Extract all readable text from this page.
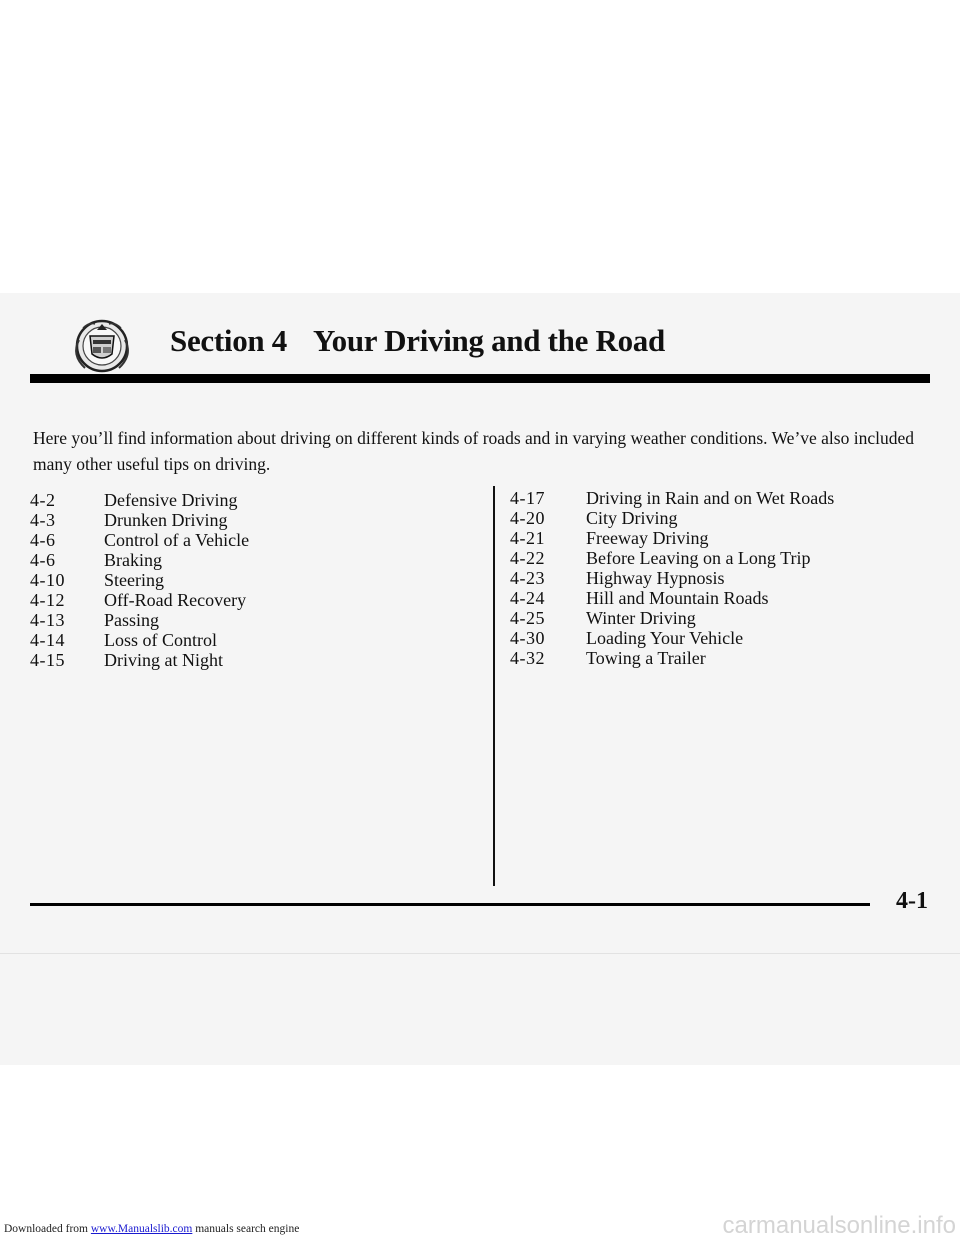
Section 4 Your Driving and the Road
Here you’ll find information about driving on different kinds of roads and in varying weather conditions. We’ve also included many other useful tips on driving.
4-2	Defensive Driving
4-3	Drunken Driving
4-6	Control of a Vehicle
4-6	Braking
4-10	Steering
4-12	Off-Road Recovery
4-13	Passing
4-14	Loss of Control
4-15	Driving at Night
4-17	Driving in Rain and on Wet Roads
4-20	City Driving
4-21	Freeway Driving
4-22	Before Leaving on a Long Trip
4-23	Highway Hypnosis
4-24	Hill and Mountain Roads
4-25	Winter Driving
4-30	Loading Your Vehicle
4-32	Towing a Trailer
4-1
Downloaded from www.Manualslib.com manuals search engine	carmanualsonline.info
